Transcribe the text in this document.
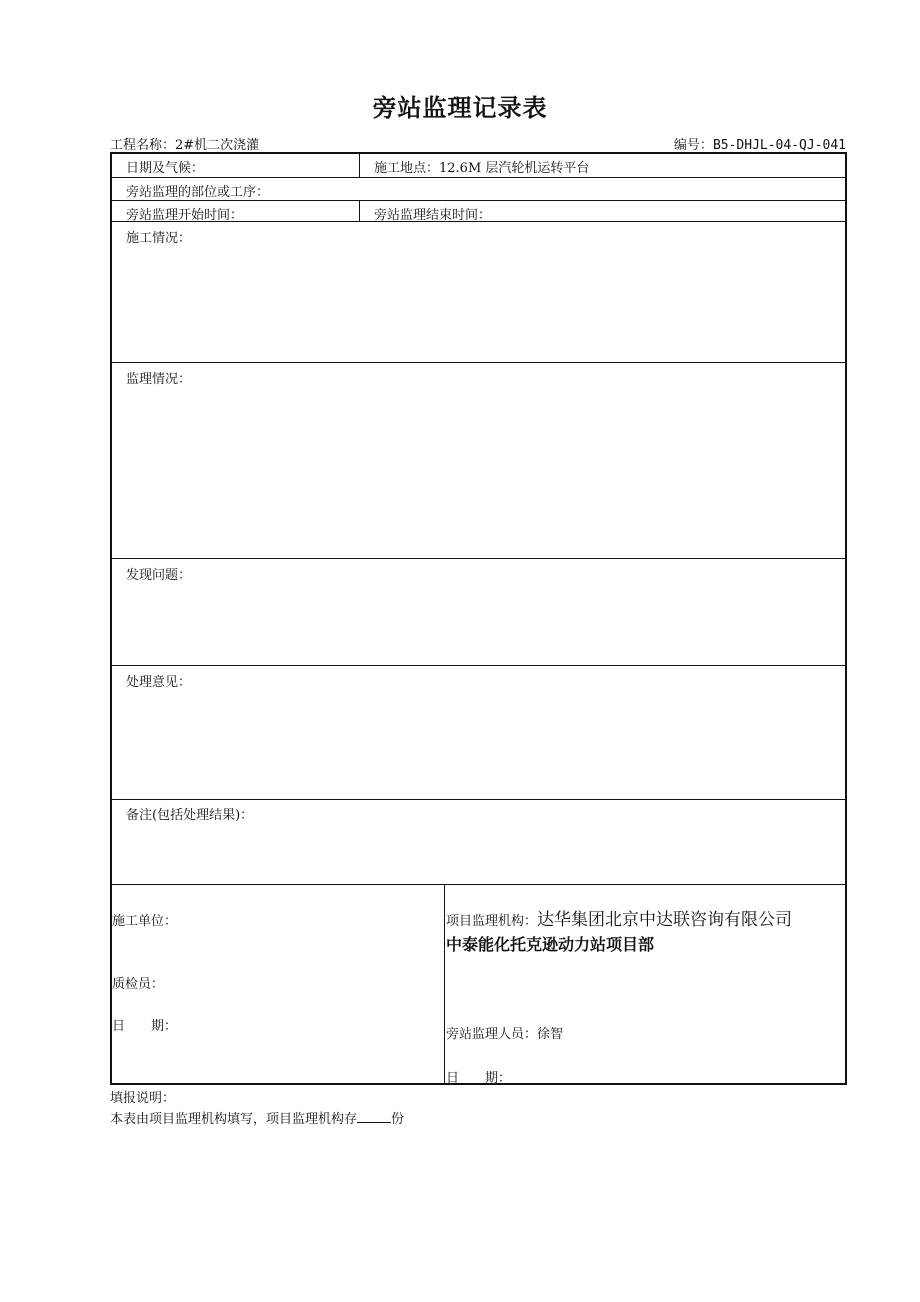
旁站监理记录表
工程名称：2#机二次浇灌	编号：B5-DHJL-04-QJ-041
日期及气候：	施工地点：12.6M 层汽轮机运转平台
旁站监理的部位或工序：
旁站监理开始时间：	旁站监理结束时间：
施工情况：
监理情况：
发现问题：
处理意见：
备注(包括处理结果)：
施工单位：
质检员：
日　　期：
项目监理机构：达华集团北京中达联咨询有限公司
中泰能化托克逊动力站项目部
旁站监理人员：徐智
日　　期：
填报说明：
本表由项目监理机构填写，项目监理机构存	份
